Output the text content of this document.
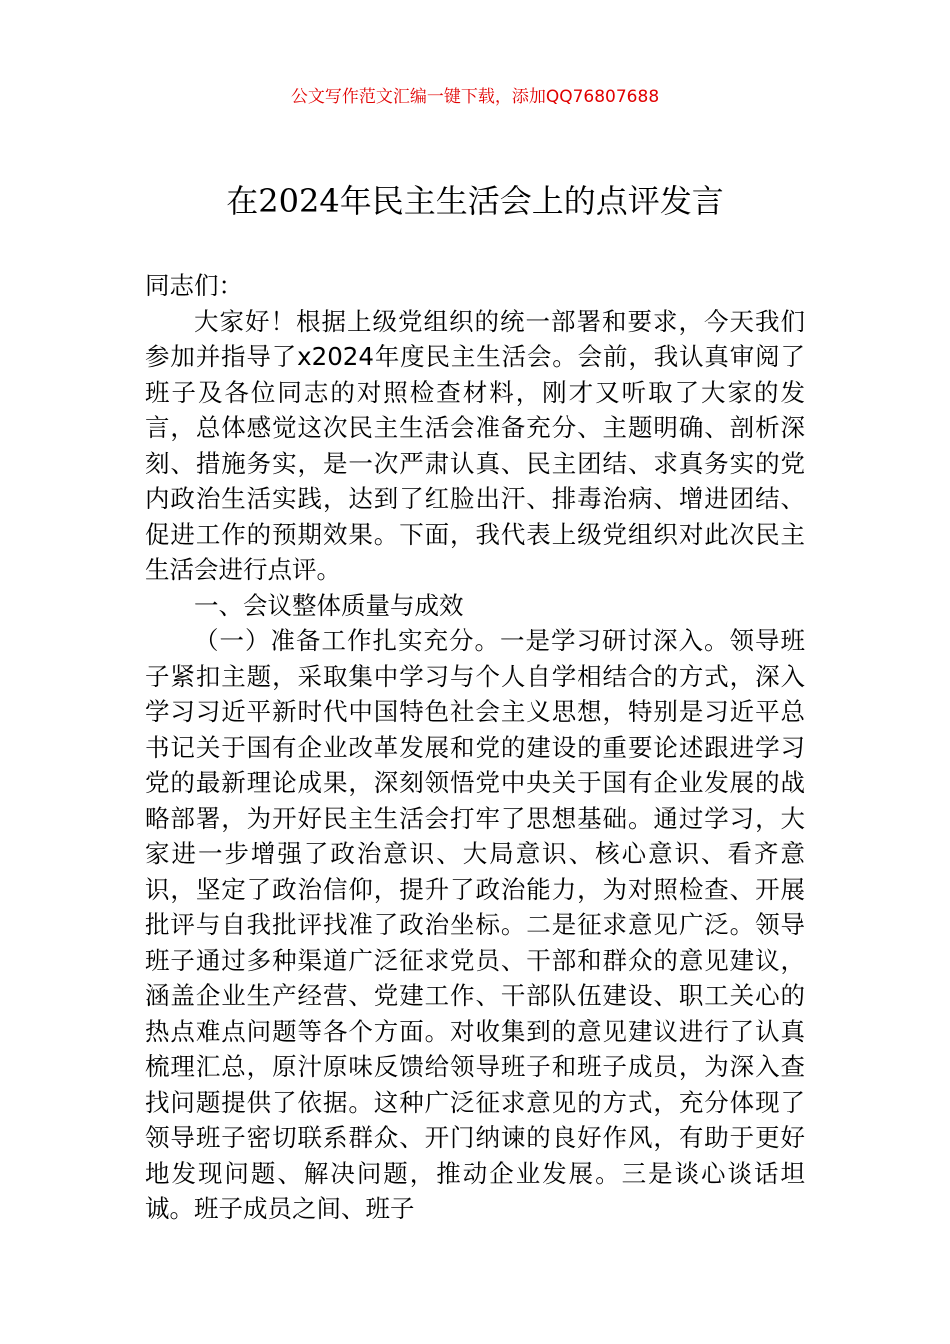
公文写作范文汇编一键下载，添加QQ76807688
在2024年民主生活会上的点评发言

同志们：

大家好！根据上级党组织的统一部署和要求，今天我们参加并指导了x2024年度民主生活会。会前，我认真审阅了班子及各位同志的对照检查材料，刚才又听取了大家的发言，总体感觉这次民主生活会准备充分、主题明确、剖析深刻、措施务实，是一次严肃认真、民主团结、求真务实的党内政治生活实践，达到了红脸出汗、排毒治病、增进团结、促进工作的预期效果。下面，我代表上级党组织对此次民主生活会进行点评。

一、会议整体质量与成效

（一）准备工作扎实充分。一是学习研讨深入。领导班子紧扣主题，采取集中学习与个人自学相结合的方式，深入学习习近平新时代中国特色社会主义思想，特别是习近平总书记关于国有企业改革发展和党的建设的重要论述跟进学习党的最新理论成果，深刻领悟党中央关于国有企业发展的战略部署，为开好民主生活会打牢了思想基础。通过学习，大家进一步增强了政治意识、大局意识、核心意识、看齐意识，坚定了政治信仰，提升了政治能力，为对照检查、开展批评与自我批评找准了政治坐标。二是征求意见广泛。领导班子通过多种渠道广泛征求党员、干部和群众的意见建议，涵盖企业生产经营、党建工作、干部队伍建设、职工关心的热点难点问题等各个方面。对收集到的意见建议进行了认真梳理汇总，原汁原味反馈给领导班子和班子成员，为深入查找问题提供了依据。这种广泛征求意见的方式，充分体现了领导班子密切联系群众、开门纳谏的良好作风，有助于更好地发现问题、解决问题，推动企业发展。三是谈心谈话坦诚。班子成员之间、班子
